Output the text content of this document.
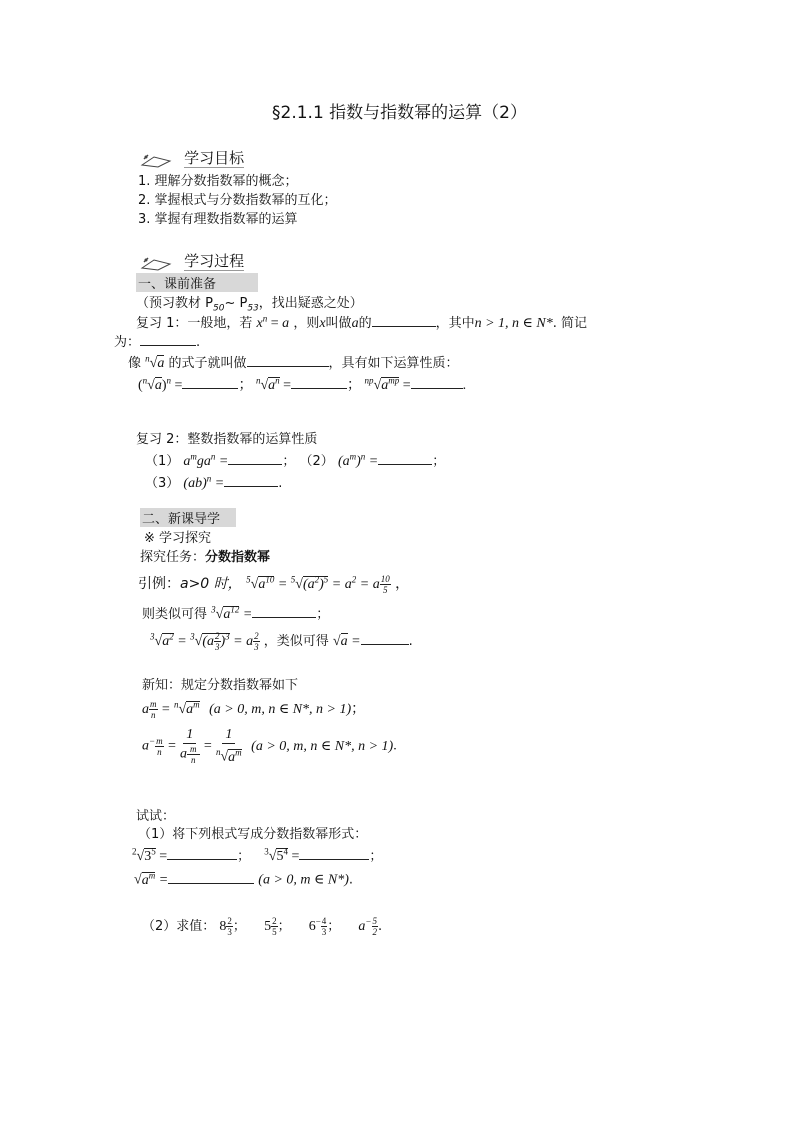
§2.1.1 指数与指数幂的运算（2）
学习目标
1. 理解分数指数幂的概念；
2. 掌握根式与分数指数幂的互化；
3. 掌握有理数指数幂的运算
学习过程
一、课前准备
（预习教材 $P_{50}\sim$ $P_{53}$，找出疑惑之处）
复习 1：一般地，若 $x^n = a$ ，则x叫做a的	，其中n > 1, n ∈ N*. 简记
为：	.
像 $^n$√a 的式子就叫做	，具有如下运算性质：
$(^n√a)^n$ =	； $^n√a^n$ =	； $^{np}√a^{mp}$ =	.
复习 2：整数指数幂的运算性质
（1） $a^mga^n$ =	； （2） $(a^m)^n$ =	；
（3） (ab)$^n$ =	.
二、新课导学
※ 学习探究
探究任务：分数指数幂
引例：a>0 时， $^5√a^{10} = ^5√(a^2)^5 = a^2 = a \frac{10}{5}$ ，
则类似可得 $^3√a^{12}$ =	；
$^3√a^2 = ^3√(a \frac{2}{3} )^3 = a \frac{2}{3}$ ，类似可得 √a =	.
新知：规定分数指数幂如下
a $\frac{m}{n} = ^n√a^m$ (a > 0, m, n ∈ N*, n > 1)；
$a^- \frac{m}{n}$ =
1
a $\frac{m}{n} = \frac{1}{^n√a^m} (a > 0$, m, n ∈ N*, n > 1).
试试：
（1）将下列根式写成分数指数幂形式：
$^2√3^5$ =	； $^3√5^4$ =	；
$√a^m$ =	(a > 0, m ∈ N*).
（2）求值： $8 \frac{2}{3}$ ； $5 \frac{2}{5}$ ； $6^- \frac{4}{3}$ ； $a^- \frac{5}{2}$ .
